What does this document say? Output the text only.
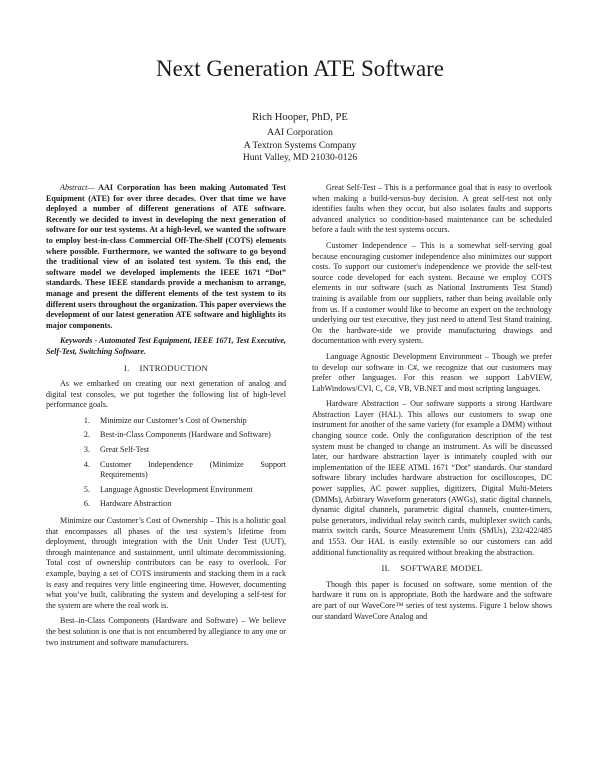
Next Generation ATE Software
Rich Hooper, PhD, PE
AAI Corporation
A Textron Systems Company
Hunt Valley, MD 21030-0126

Abstract— AAI Corporation has been making Automated Test Equipment (ATE) for over three decades. Over that time we have deployed a number of different generations of ATE software. Recently we decided to invest in developing the next generation of software for our test systems. At a high-level, we wanted the software to employ best-in-class Commercial Off-The-Shelf (COTS) elements where possible. Furthermore, we wanted the software to go beyond the traditional view of an isolated test system. To this end, the software model we developed implements the IEEE 1671 “Dot” standards. These IEEE standards provide a mechanism to arrange, manage and present the different elements of the test system to its different users throughout the organization. This paper overviews the development of our latest generation ATE software and highlights its major components.

Keywords - Automated Test Equipment, IEEE 1671, Test Executive, Self-Test, Switching Software.

I. INTRODUCTION

As we embarked on creating our next generation of analog and digital test consoles, we put together the following list of high-level performance goals.

1. Minimize our Customer’s Cost of Ownership
2. Best-in-Class Components (Hardware and Software)
3. Great Self-Test
4. Customer Independence (Minimize Support Requirements)
5. Language Agnostic Development Environment
6. Hardware Abstraction

Minimize our Customer’s Cost of Ownership – This is a holistic goal that encompasses all phases of the test system’s lifetime from deployment, through integration with the Unit Under Test (UUT), through maintenance and sustainment, until ultimate decommissioning. Total cost of ownership contributors can be easy to overlook. For example, buying a set of COTS instruments and stacking them in a rack is easy and requires very little engineering time. However, documenting what you’ve built, calibrating the system and developing a self-test for the system are where the real work is.

Best–in-Class Components (Hardware and Software) – We believe the best solution is one that is not encumbered by allegiance to any one or two instrument and software manufacturers.

Great Self-Test – This is a performance goal that is easy to overlook when making a build-versus-buy decision. A great self-test not only identifies faults when they occur, but also isolates faults and supports advanced analytics so condition-based maintenance can be scheduled before a fault with the test systems occurs.

Customer Independence – This is a somewhat self-serving goal because encouraging customer independence also minimizes our support costs. To support our customer's independence we provide the self-test source code developed for each system. Because we employ COTS elements in our software (such as National Instruments Test Stand) training is available from our suppliers, rather than being available only from us. If a customer would like to become an expert on the technology underlying our test executive, they just need to attend Test Stand training. On the hardware-side we provide manufacturing drawings and documentation with every system.

Language Agnostic Development Environment – Though we prefer to develop our software in C#, we recognize that our customers may prefer other languages. For this reason we support LabVIEW, LabWindows/CVI, C, C#, VB, VB.NET and most scripting languages.

Hardware Abstraction – Our software supports a strong Hardware Abstraction Layer (HAL). This allows our customers to swap one instrument for another of the same variety (for example a DMM) without changing source code. Only the configuration description of the test system must be changed to change an instrument. As will be discussed later, our hardware abstraction layer is intimately coupled with our implementation of the IEEE ATML 1671 “Dot” standards. Our standard software library includes hardware abstraction for oscilloscopes, DC power supplies, AC power supplies, digitizers, Digital Multi-Meters (DMMs), Arbitrary Waveform generators (AWGs), static digital channels, dynamic digital channels, parametric digital channels, counter-timers, pulse generators, individual relay switch cards, multiplexer switch cards, matrix switch cards, Source Measurement Units (SMUs), 232/422/485 and 1553. Our HAL is easily extensible so our customers can add additional functionality as required without breaking the abstraction.

II. SOFTWARE MODEL

Though this paper is focused on software, some mention of the hardware it runs on is appropriate. Both the hardware and the software are part of our WaveCore™ series of test systems. Figure 1 below shows our standard WaveCore Analog and
